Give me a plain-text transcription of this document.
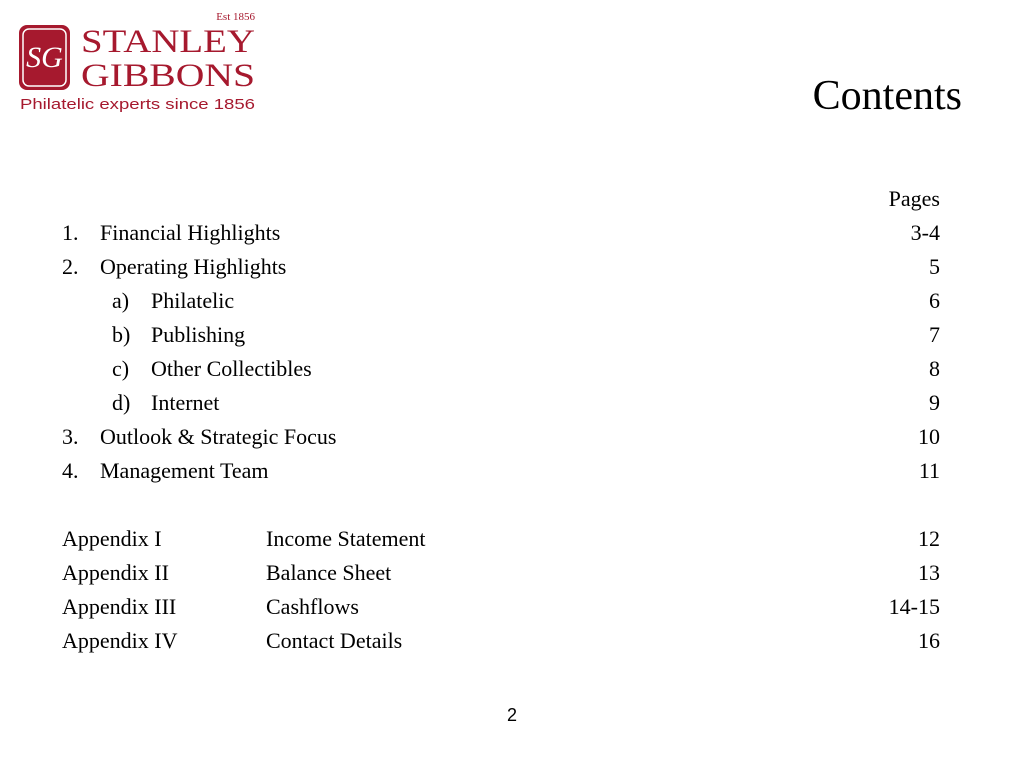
SG
Est 1856
STANLEY
GIBBONS
Philatelic experts since 1856	Contents
Pages
1. Financial Highlights	3-4
2. Operating Highlights	5
a) Philatelic	6
b) Publishing	7
c) Other Collectibles	8
d) Internet	9
3. Outlook & Strategic Focus	10
4. Management Team	11
Appendix I	Income Statement	12
Appendix II	Balance Sheet	13
Appendix III	Cashflows	14-15
Appendix IV	Contact Details	16
2
